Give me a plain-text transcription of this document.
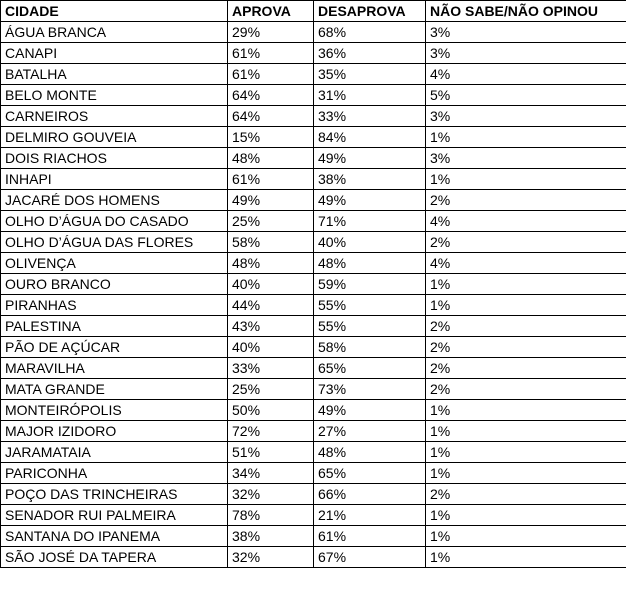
CIDADE	APROVA	DESAPROVA	NÃO SABE/NÃO OPINOU
ÁGUA BRANCA	29%	68%	3%
CANAPI	61%	36%	3%
BATALHA	61%	35%	4%
BELO MONTE	64%	31%	5%
CARNEIROS	64%	33%	3%
DELMIRO GOUVEIA	15%	84%	1%
DOIS RIACHOS	48%	49%	3%
INHAPI	61%	38%	1%
JACARÉ DOS HOMENS	49%	49%	2%
OLHO D’ÁGUA DO CASADO	25%	71%	4%
OLHO D’ÁGUA DAS FLORES	58%	40%	2%
OLIVENÇA	48%	48%	4%
OURO BRANCO	40%	59%	1%
PIRANHAS	44%	55%	1%
PALESTINA	43%	55%	2%
PÃO DE AÇÚCAR	40%	58%	2%
MARAVILHA	33%	65%	2%
MATA GRANDE	25%	73%	2%
MONTEIRÓPOLIS	50%	49%	1%
MAJOR IZIDORO	72%	27%	1%
JARAMATAIA	51%	48%	1%
PARICONHA	34%	65%	1%
POÇO DAS TRINCHEIRAS	32%	66%	2%
SENADOR RUI PALMEIRA	78%	21%	1%
SANTANA DO IPANEMA	38%	61%	1%
SÃO JOSÉ DA TAPERA	32%	67%	1%
